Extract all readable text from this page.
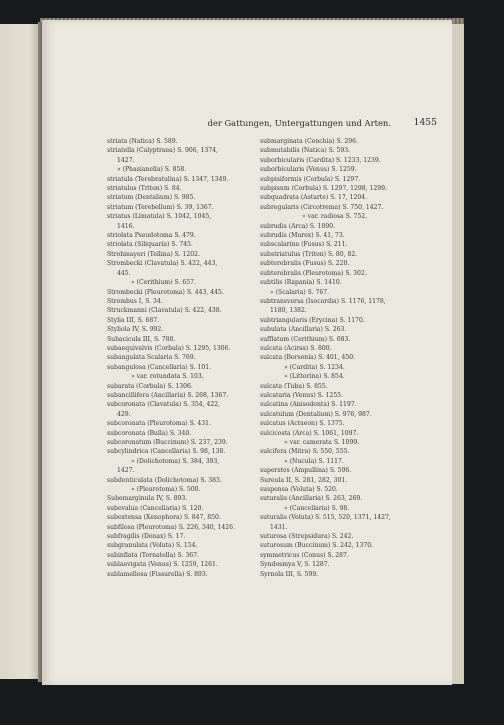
der Gattungen, Untergattungen und Arten. 1455
striata (Natica) S. 589.
striatella (Calyptraea) S. 906, 1374,
1427.
» (Phasianella) S. 858.
striatula (Terebratulina) S. 1347, 1349.
striatulus (Triton) S. 84.
striatum (Dentalium) S. 985.
striatum (Terebellum) S. 39, 1367.
striatus (Limatula) S. 1042, 1045,
1416.
striolata Pseudotoma S. 479.
striolata (Siliquaria) S. 745.
Strohmayeri (Tellina) S. 1202.
Strombecki (Clavatula) S. 422, 443,
445.
» (Cerithium) S. 657.
Strombecki (Pleurotoma) S. 443, 445.
Strombus I, S. 34.
Struckmanni (Clavatula) S. 422, 438.
Stylia III, S. 687.
Styliola IV, S. 992.
Subacicula III, S. 780.
subaequivalvis (Corbula) S. 1295, 1306.
subangulata Scalaria S. 769.
subangulosa (Cancellaria) S. 101.
» var. rotundata S. 103.
subarata (Corbula) S. 1306.
subancillifera (Ancillaria) S. 268, 1367.
subcoronata (Clavatula) S. 354, 422,
429.
subcoronata (Pleurotoma) S. 431.
subcoronata (Bulla) S. 340.
subcoronatum (Buccinum) S. 237, 239.
subcylindrica (Cancellaria) S. 98, 138.
» (Dolichotoma) S. 384, 393,
1427.
subdenticulata (Dolichotoma) S. 383.
» (Pleurotoma) S. 500.
Subemarginula IV, S. 893.
subevalua (Cancellaria) S. 120.
subextensa (Xenophora) S. 847, 850.
subfilosa (Pleurotoma) S. 226, 340, 1426.
subfragilis (Donax) S. 17.
subgranulata (Voluta) S. 154.
subinflata (Tornatella) S. 367.
sublaevigata (Venus) S. 1259, 1261.
sublamellosa (Fissurella) S. 893.
submarginata (Cenchia) S. 296.
submutabilis (Natica) S. 593.
suborbicularis (Cardita) S. 1233, 1239.
suborbicularis (Venus) S. 1259.
subpisiformis (Corbula) S. 1297.
subpisum (Corbula) S. 1297, 1298, 1299.
subquadrata (Astarte) S. 17, 1204.
subregularis (Circotrema) S. 750, 1427.
» var. radiosa S. 752.
subrudis (Arca) S. 1090.
subrudis (Murex) S. 41, 73.
subscalarina (Fusus) S. 211.
substriatulus (Triton) S. 80, 82.
subterebralis (Fusus) S. 220.
subterebralis (Pleurotoma) S. 302.
subtilis (Rapania) S. 1410.
» (Scalaria) S. 767.
subtransversa (Isocardia) S. 1176, 1178,
1180, 1382.
subtriangularis (Erycina) S. 1170.
subulata (Ancillaria) S. 263.
sufflatum (Cerithium) S. 683.
sulcata (Acirsa) S. 800.
sulcata (Borsonia) S. 401, 450.
» (Cardita) S. 1234.
» (Littorina) S. 854.
sulcata (Tuba) S. 855.
sulcataria (Venus) S. 1255.
sulcatina (Anisodonta) S. 1197.
sulcatulum (Dentalium) S. 976, 987.
sulcatus (Actaeon) S. 1375.
sulcicosta (Arca) S. 1061, 1097.
» var. camerata S. 1099.
sulcifera (Mitra) S. 550, 555.
» (Nucula) S. 1117.
superstes (Ampullina) S. 596.
Sureula II, S. 281, 282, 301.
suspensa (Voluta) S. 520.
suturalis (Ancillaria) S. 263, 269.
» (Cancellaria) S. 98.
suturalis (Voluta) S. 515, 520, 1371, 1427,
1431.
suturosa (Strepsidura) S. 242.
suturosum (Buccinum) S. 242, 1370.
symmetricus (Conus) S. 287.
Syndosmya V, S. 1287.
Syrnola III, S. 599.
